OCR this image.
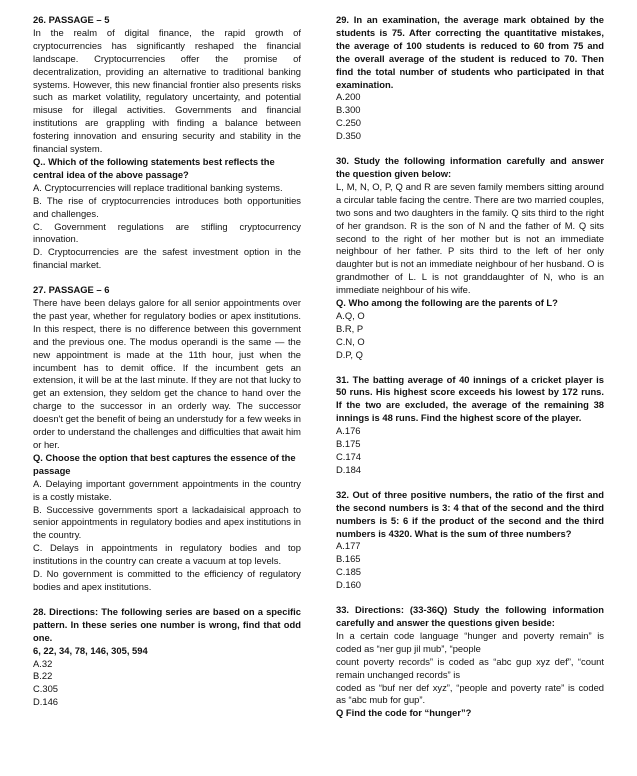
26. PASSAGE – 5

In the realm of digital finance, the rapid growth of cryptocurrencies has significantly reshaped the financial landscape. Cryptocurrencies offer the promise of decentralization, providing an alternative to traditional banking systems. However, this new financial frontier also presents risks such as market volatility, regulatory uncertainty, and potential misuse for illegal activities. Governments and financial institutions are grappling with finding a balance between fostering innovation and ensuring security and stability in the financial system.

Q.. Which of the following statements best reflects the central idea of the above passage?

A. Cryptocurrencies will replace traditional banking systems.

B. The rise of cryptocurrencies introduces both opportunities and challenges.

C. Government regulations are stifling cryptocurrency innovation.

D. Cryptocurrencies are the safest investment option in the financial market.

27. PASSAGE – 6

There have been delays galore for all senior appointments over the past year, whether for regulatory bodies or apex institutions. In this respect, there is no difference between this government and the previous one. The modus operandi is the same — the new appointment is made at the 11th hour, just when the incumbent has to demit office. If the incumbent gets an extension, it will be at the last minute. If they are not that lucky to get an extension, they seldom get the chance to hand over the charge to the successor in an orderly way. The successor doesn't get the benefit of being an understudy for a few weeks in order to understand the challenges and difficulties that await him or her.

Q. Choose the option that best captures the essence of the passage

A. Delaying important government appointments in the country is a costly mistake.

B. Successive governments sport a lackadaisical approach to senior appointments in regulatory bodies and apex institutions in the country.

C. Delays in appointments in regulatory bodies and top institutions in the country can create a vacuum at top levels.

D. No government is committed to the efficiency of regulatory bodies and apex institutions.

28. Directions: The following series are based on a specific pattern. In these series one number is wrong, find that odd one.

6, 22, 34, 78, 146, 305, 594

A.32
B.22
C.305
D.146

29. In an examination, the average mark obtained by the students is 75. After correcting the quantitative mistakes, the average of 100 students is reduced to 60 from 75 and the overall average of the student is reduced to 70. Then find the total number of students who participated in that examination.

A.200
B.300
C.250
D.350

30. Study the following information carefully and answer the question given below:

L, M, N, O, P, Q and R are seven family members sitting around a circular table facing the centre. There are two married couples, two sons and two daughters in the family. Q sits third to the right of her grandson. R is the son of N and the father of M. Q sits second to the right of her mother but is not an immediate neighbour of her father. P sits third to the left of her only daughter but is not an immediate neighbour of her husband. O is grandmother of L. L is not granddaughter of N, who is an immediate neighbour of his wife.

Q. Who among the following are the parents of L?

A.Q, O
B.R, P
C.N, O
D.P, Q

31. The batting average of 40 innings of a cricket player is 50 runs. His highest score exceeds his lowest by 172 runs. If the two are excluded, the average of the remaining 38 innings is 48 runs. Find the highest score of the player.

A.176
B.175
C.174
D.184

32. Out of three positive numbers, the ratio of the first and the second numbers is 3: 4 that of the second and the third numbers is 5: 6 if the product of the second and the third numbers is 4320. What is the sum of three numbers?

A.177
B.165
C.185
D.160

33. Directions: (33-36Q) Study the following information carefully and answer the questions given beside:

In a certain code language “hunger and poverty remain” is coded as “ner gup jil mub”, “people

count poverty records” is coded as “abc gup xyz def”, “count remain unchanged records” is

coded as “buf ner def xyz”, “people and poverty rate” is coded as “abc mub for gup”.

Q Find the code for “hunger”?
